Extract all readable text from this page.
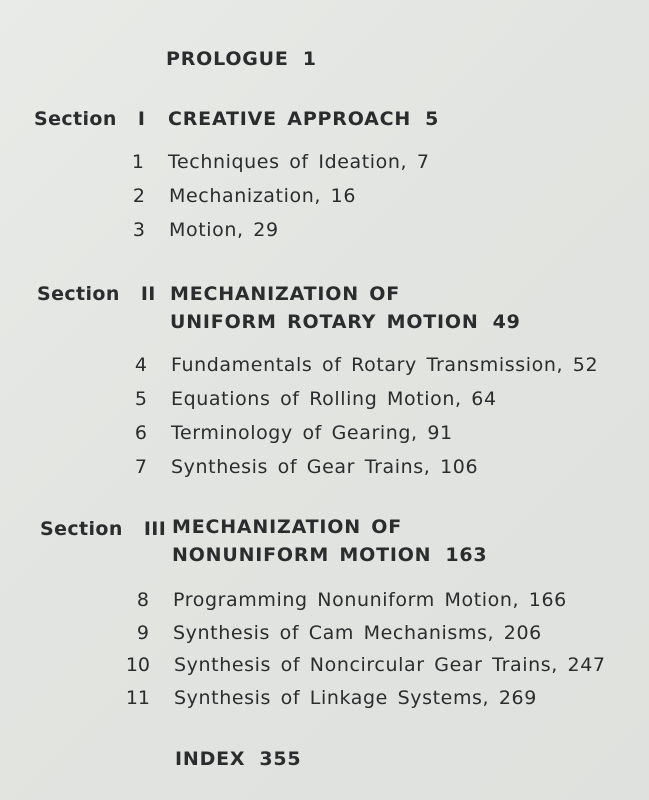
PROLOGUE 1
Section I CREATIVE APPROACH 5
1 Techniques of Ideation, 7
2 Mechanization, 16
3 Motion, 29
Section II MECHANIZATION OF
UNIFORM ROTARY MOTION 49
4 Fundamentals of Rotary Transmission, 52
5 Equations of Rolling Motion, 64
6 Terminology of Gearing, 91
7 Synthesis of Gear Trains, 106
Section III MECHANIZATION OF
NONUNIFORM MOTION 163
8 Programming Nonuniform Motion, 166
9 Synthesis of Cam Mechanisms, 206
10 Synthesis of Noncircular Gear Trains, 247
11 Synthesis of Linkage Systems, 269
INDEX 355
